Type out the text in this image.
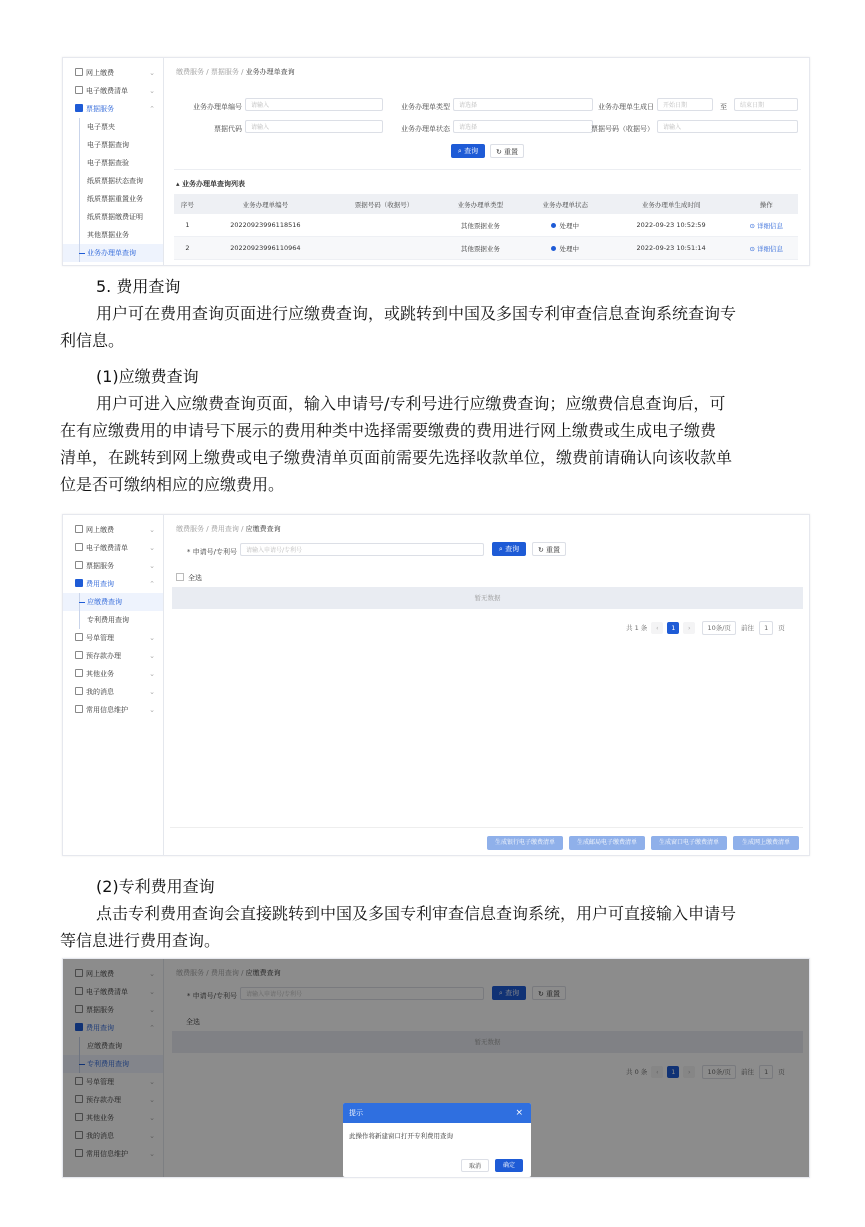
网上缴费	⌄
电子缴费清单	⌄
票据服务	⌃
电子票夹
电子票据查询
电子票据查验
纸质票据状态查询
纸质票据重置业务
纸质票据缴费证明
其他票据业务
业务办理单查询
缴费服务 / 票据服务 / 业务办理单查询
业务办理单编号	请输入	业务办理单类型	请选择	业务办理单生成日	开始日期	至	结束日期
票据代码	请输入	业务办理单状态	请选择	票据号码（收据号）	请输入
⌕ 查询	↻ 重置
▴ 业务办理单查询列表
序号	业务办理单编号	票据号码（收据号）	业务办理单类型	业务办理单状态	业务办理单生成时间	操作
1	20220923996118516		其他票据业务	处理中	2022-09-23 10:52:59	⊙ 详细信息
2	20220923996110964		其他票据业务	处理中	2022-09-23 10:51:14	⊙ 详细信息
5. 费用查询
用户可在费用查询页面进行应缴费查询，或跳转到中国及多国专利审查信息查询系统查询专
利信息。
(1)应缴费查询
用户可进入应缴费查询页面，输入申请号/专利号进行应缴费查询；应缴费信息查询后，可
在有应缴费用的申请号下展示的费用种类中选择需要缴费的费用进行网上缴费或生成电子缴费
清单，在跳转到网上缴费或电子缴费清单页面前需要先选择收款单位，缴费前请确认向该收款单
位是否可缴纳相应的应缴费用。
网上缴费	⌄
电子缴费清单	⌄
票据服务	⌄
费用查询	⌃
应缴费查询
专利费用查询
号单管理	⌄
预存款办理	⌄
其他业务	⌄
我的消息	⌄
常用信息维护	⌄
缴费服务 / 费用查询 / 应缴费查询
* 申请号/专利号	请输入申请号/专利号	⌕ 查询	↻ 重置
全选
暂无数据
共 1 条 ‹ 1 ›	10条/页 前往 1 页
生成银行电子缴费清单	生成邮局电子缴费清单	生成窗口电子缴费清单	生成网上缴费清单
(2)专利费用查询
点击专利费用查询会直接跳转到中国及多国专利审查信息查询系统，用户可直接输入申请号
等信息进行费用查询。
网上缴费	⌄
电子缴费清单	⌄
票据服务	⌄
费用查询	⌃
应缴费查询
专利费用查询
号单管理	⌄
预存款办理	⌄
其他业务	⌄
我的消息	⌄
常用信息维护	⌄
缴费服务 / 费用查询 / 应缴费查询
* 申请号/专利号	请输入申请号/专利号	⌕ 查询	↻ 重置
全选
暂无数据
共 0 条 ‹ 1 ›	10条/页 前往 1 页
提示	×
此操作将新建窗口打开专利费用查询
取消	确定
